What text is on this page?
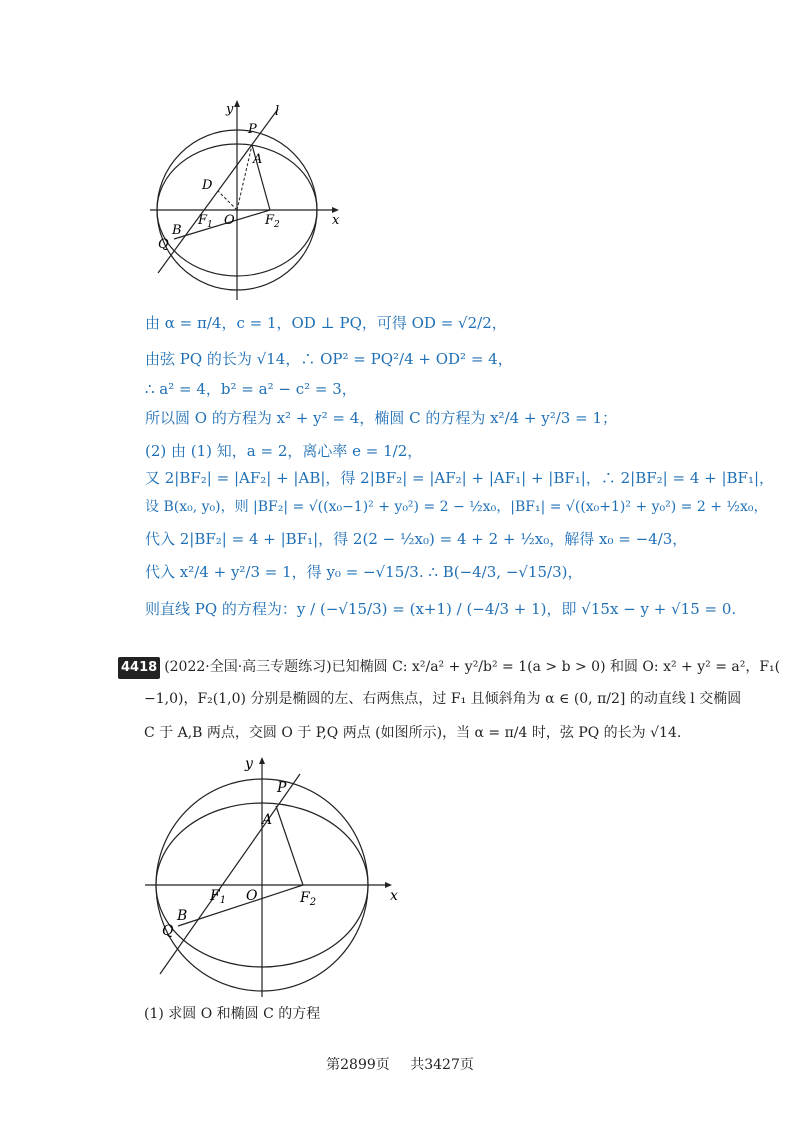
y	l
P
A
D
$F_1$ O $F_2$	x
B
Q
由 α = π/4，c = 1，OD ⊥ PQ，可得 OD = √2/2，
由弦 PQ 的长为 √14，∴ OP² = PQ²/4 + OD² = 4，
∴ a² = 4，b² = a² − c² = 3，
所以圆 O 的方程为 x² + y² = 4，椭圆 C 的方程为 x²/4 + y²/3 = 1；
(2) 由 (1) 知，a = 2，离心率 e = 1/2，
又 2|BF₂| = |AF₂| + |AB|，得 2|BF₂| = |AF₂| + |AF₁| + |BF₁|，∴ 2|BF₂| = 4 + |BF₁|，
设 B(x₀, y₀)，则 |BF₂| = √((x₀−1)² + y₀²) = 2 − ½x₀，|BF₁| = √((x₀+1)² + y₀²) = 2 + ½x₀，
代入 2|BF₂| = 4 + |BF₁|，得 2(2 − ½x₀) = 4 + 2 + ½x₀，解得 x₀ = −4/3，
代入 x²/4 + y²/3 = 1，得 y₀ = −√15/3. ∴ B(−4/3, −√15/3)，
则直线 PQ 的方程为：y / (−√15/3) = (x+1) / (−4/3 + 1)，即 √15x − y + √15 = 0.
4418 (2022·全国·高三专题练习)已知椭圆 C: x²/a² + y²/b² = 1(a > b > 0) 和圆 O: x² + y² = a²，F₁(
−1,0)，F₂(1,0) 分别是椭圆的左、右两焦点，过 F₁ 且倾斜角为 α ∈ (0, π/2] 的动直线 l 交椭圆
C 于 A,B 两点，交圆 O 于 P,Q 两点 (如图所示)，当 α = π/4 时，弦 PQ 的长为 √14.
y
P
A
$F_1$ O	$F_2$	x
B
Q
(1) 求圆 O 和椭圆 C 的方程
第2899页 共3427页
